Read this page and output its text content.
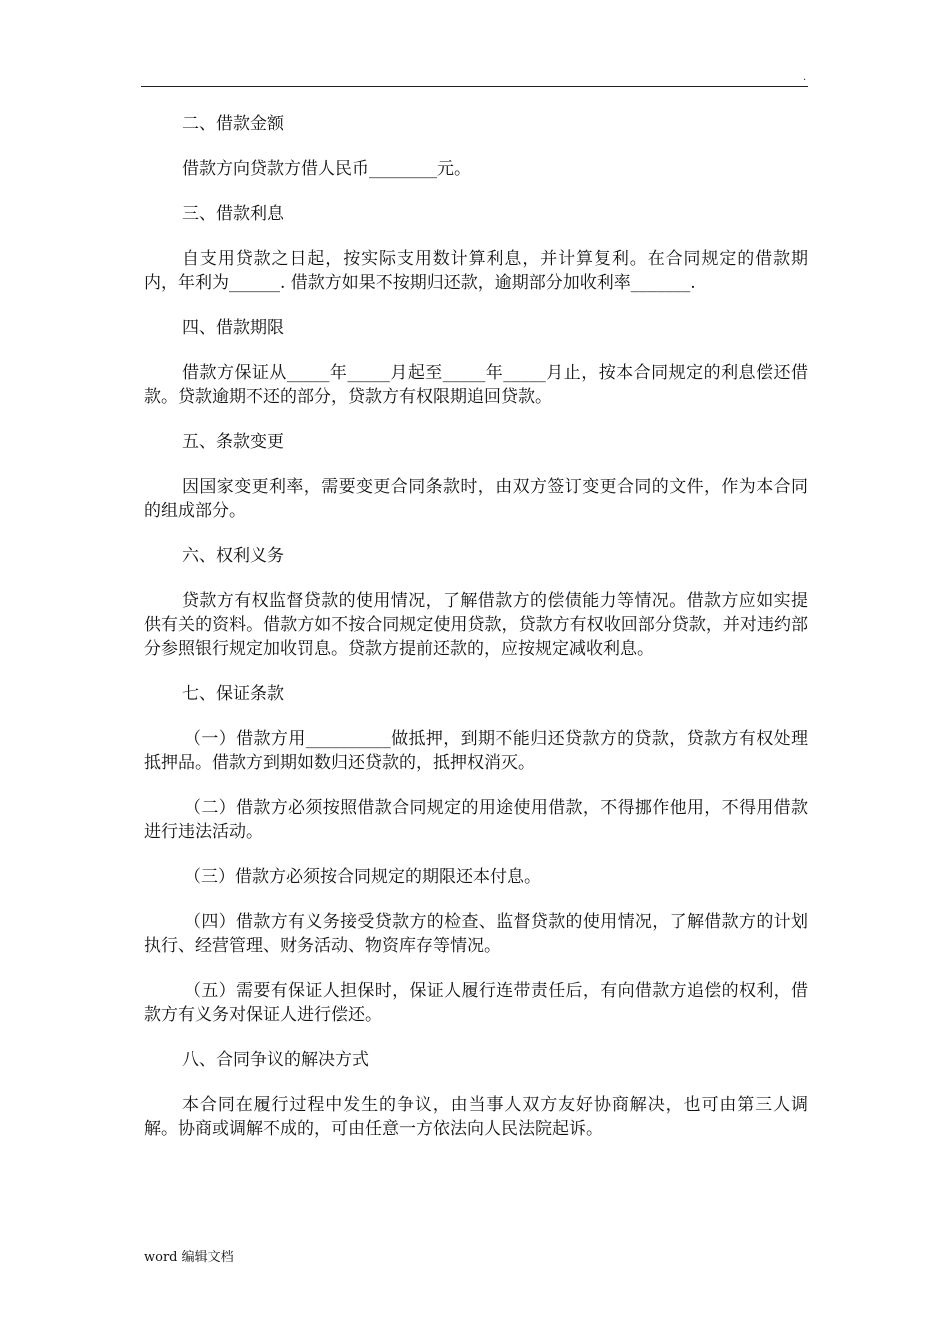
.

二、借款金额

借款方向贷款方借人民币________元。

三、借款利息

自支用贷款之日起，按实际支用数计算利息，并计算复利。在合同规定的借款期内，年利为______. 借款方如果不按期归还款，逾期部分加收利率_______.

四、借款期限

借款方保证从_____年_____月起至_____年_____月止，按本合同规定的利息偿还借款。贷款逾期不还的部分，贷款方有权限期追回贷款。

五、条款变更

因国家变更利率，需要变更合同条款时，由双方签订变更合同的文件，作为本合同的组成部分。

六、权利义务

贷款方有权监督贷款的使用情况，了解借款方的偿债能力等情况。借款方应如实提供有关的资料。借款方如不按合同规定使用贷款，贷款方有权收回部分贷款，并对违约部分参照银行规定加收罚息。贷款方提前还款的，应按规定减收利息。

七、保证条款

（一）借款方用__________做抵押，到期不能归还贷款方的贷款，贷款方有权处理抵押品。借款方到期如数归还贷款的，抵押权消灭。

（二）借款方必须按照借款合同规定的用途使用借款，不得挪作他用，不得用借款进行违法活动。

（三）借款方必须按合同规定的期限还本付息。

（四）借款方有义务接受贷款方的检查、监督贷款的使用情况，了解借款方的计划执行、经营管理、财务活动、物资库存等情况。

（五）需要有保证人担保时，保证人履行连带责任后，有向借款方追偿的权利，借款方有义务对保证人进行偿还。

八、合同争议的解决方式

本合同在履行过程中发生的争议，由当事人双方友好协商解决，也可由第三人调解。协商或调解不成的，可由任意一方依法向人民法院起诉。

word 编辑文档
